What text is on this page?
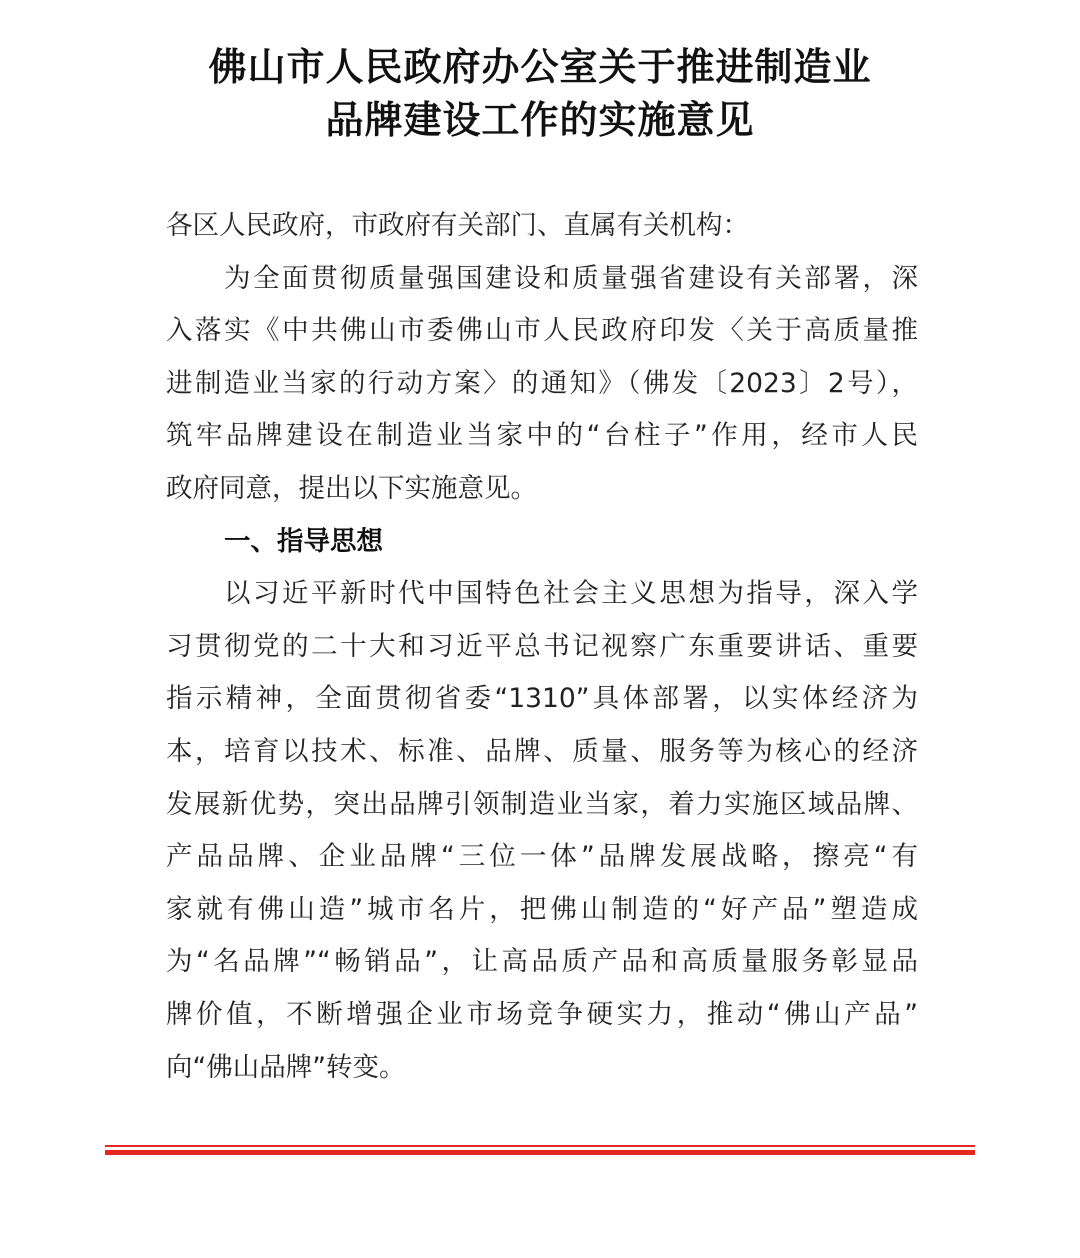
佛山市人民政府办公室关于推进制造业
品牌建设工作的实施意见
各区人民政府，市政府有关部门、直属有关机构：
为全面贯彻质量强国建设和质量强省建设有关部署，深
入落实《中共佛山市委佛山市人民政府印发〈关于高质量推
进制造业当家的行动方案〉的通知》（佛发〔2023〕2号），
筑牢品牌建设在制造业当家中的“台柱子”作用，经市人民
政府同意，提出以下实施意见。
一、指导思想
以习近平新时代中国特色社会主义思想为指导，深入学
习贯彻党的二十大和习近平总书记视察广东重要讲话、重要
指示精神，全面贯彻省委“1310”具体部署，以实体经济为
本，培育以技术、标准、品牌、质量、服务等为核心的经济
发展新优势，突出品牌引领制造业当家，着力实施区域品牌、
产品品牌、企业品牌“三位一体”品牌发展战略，擦亮“有
家就有佛山造”城市名片，把佛山制造的“好产品”塑造成
为“名品牌”“畅销品”，让高品质产品和高质量服务彰显品
牌价值，不断增强企业市场竞争硬实力，推动“佛山产品”
向“佛山品牌”转变。
